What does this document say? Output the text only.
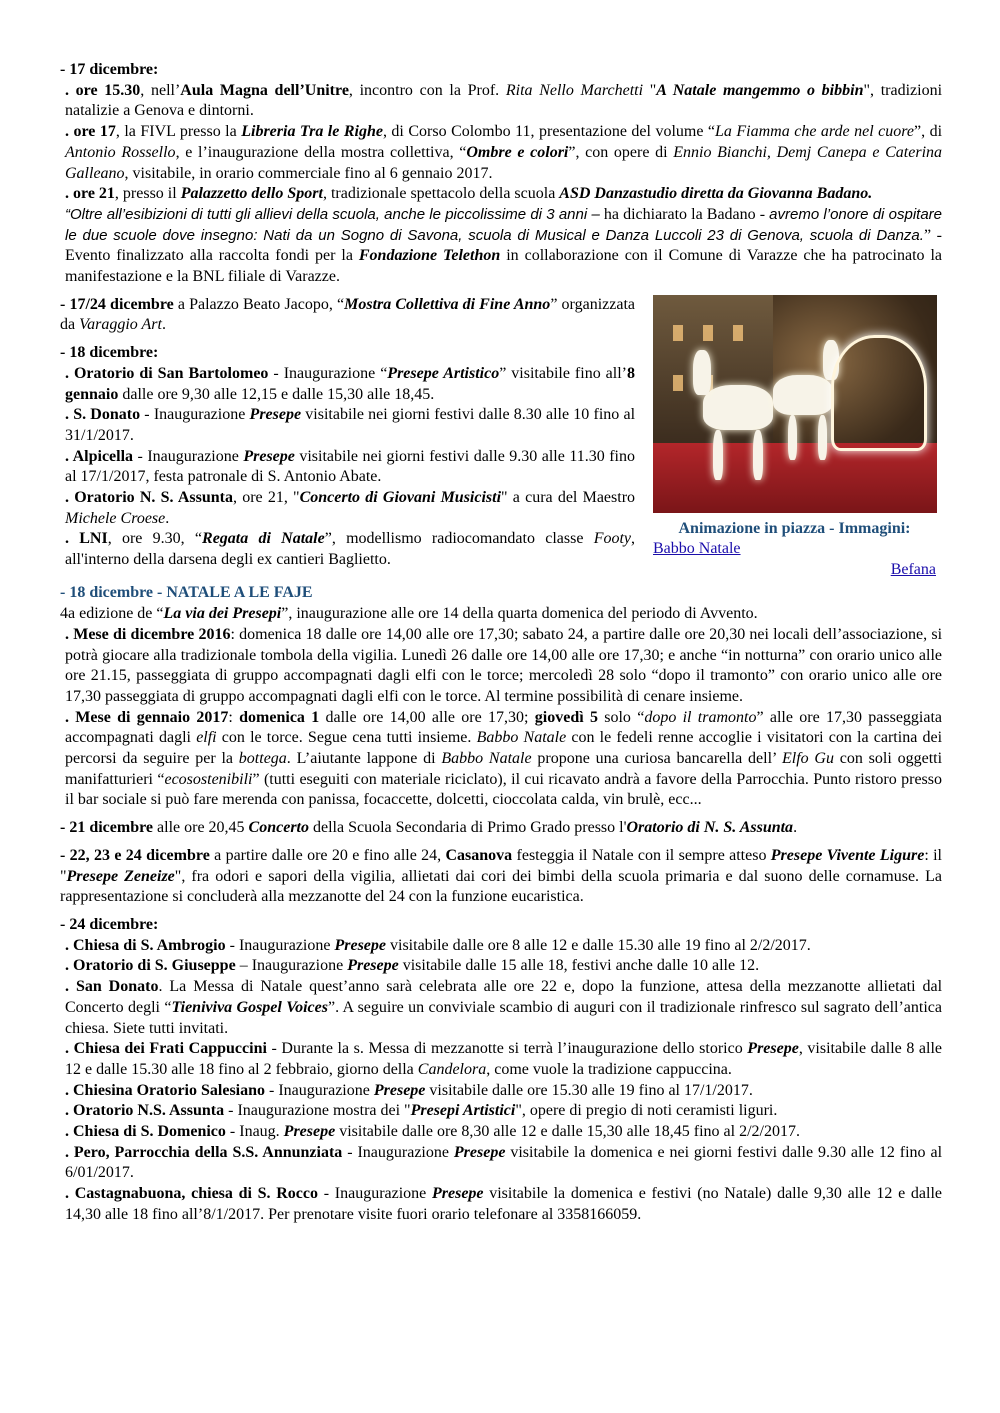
- 17 dicembre:
. ore 15.30, nell’Aula Magna dell’Unitre, incontro con la Prof. Rita Nello Marchetti "A Natale mangemmo o bibbin", tradizioni natalizie a Genova e dintorni.
. ore 17, la FIVL presso la Libreria Tra le Righe, di Corso Colombo 11, presentazione del volume “La Fiamma che arde nel cuore”, di Antonio Rossello, e l’inaugurazione della mostra collettiva, “Ombre e colori”, con opere di Ennio Bianchi, Demj Canepa e Caterina Galleano, visitabile, in orario commerciale fino al 6 gennaio 2017.
. ore 21, presso il Palazzetto dello Sport, tradizionale spettacolo della scuola ASD Danzastudio diretta da Giovanna Badano.
“Oltre all’esibizioni di tutti gli allievi della scuola, anche le piccolissime di 3 anni – ha dichiarato la Badano - avremo l’onore di ospitare le due scuole dove insegno: Nati da un Sogno di Savona, scuola di Musical e Danza Luccoli 23 di Genova, scuola di Danza.” - Evento finalizzato alla raccolta fondi per la Fondazione Telethon in collaborazione con il Comune di Varazze che ha patrocinato la manifestazione e la BNL filiale di Varazze.
Animazione in piazza - Immagini:
Babbo Natale
Befana
- 17/24 dicembre a Palazzo Beato Jacopo, “Mostra Collettiva di Fine Anno” organizzata da Varaggio Art.
- 18 dicembre:
. Oratorio di San Bartolomeo - Inaugurazione “Presepe Artistico” visitabile fino all’8 gennaio dalle ore 9,30 alle 12,15 e dalle 15,30 alle 18,45.
. S. Donato - Inaugurazione Presepe visitabile nei giorni festivi dalle 8.30 alle 10 fino al 31/1/2017.
. Alpicella - Inaugurazione Presepe visitabile nei giorni festivi dalle 9.30 alle 11.30 fino al 17/1/2017, festa patronale di S. Antonio Abate.
. Oratorio N. S. Assunta, ore 21, "Concerto di Giovani Musicisti" a cura del Maestro Michele Croese.
. LNI, ore 9.30, “Regata di Natale”, modellismo radiocomandato classe Footy, all'interno della darsena degli ex cantieri Baglietto.
- 18 dicembre - NATALE A LE FAJE
4a edizione de “La via dei Presepi”, inaugurazione alle ore 14 della quarta domenica del periodo di Avvento.
. Mese di dicembre 2016: domenica 18 dalle ore 14,00 alle ore 17,30; sabato 24, a partire dalle ore 20,30 nei locali dell’associazione, si potrà giocare alla tradizionale tombola della vigilia. Lunedì 26 dalle ore 14,00 alle ore 17,30; e anche “in notturna” con orario unico alle ore 21.15, passeggiata di gruppo accompagnati dagli elfi con le torce; mercoledì 28 solo “dopo il tramonto” con orario unico alle ore 17,30 passeggiata di gruppo accompagnati dagli elfi con le torce. Al termine possibilità di cenare insieme.
. Mese di gennaio 2017: domenica 1 dalle ore 14,00 alle ore 17,30; giovedì 5 solo “dopo il tramonto” alle ore 17,30 passeggiata accompagnati dagli elfi con le torce. Segue cena tutti insieme. Babbo Natale con le fedeli renne accoglie i visitatori con la cartina dei percorsi da seguire per la bottega. L’aiutante lappone di Babbo Natale propone una curiosa bancarella dell’ Elfo Gu con soli oggetti manifatturieri “ecosostenibili” (tutti eseguiti con materiale riciclato), il cui ricavato andrà a favore della Parrocchia. Punto ristoro presso il bar sociale si può fare merenda con panissa, focaccette, dolcetti, cioccolata calda, vin brulè, ecc...
- 21 dicembre alle ore 20,45 Concerto della Scuola Secondaria di Primo Grado presso l'Oratorio di N. S. Assunta.
- 22, 23 e 24 dicembre a partire dalle ore 20 e fino alle 24, Casanova festeggia il Natale con il sempre atteso Presepe Vivente Ligure: il "Presepe Zeneize", fra odori e sapori della vigilia, allietati dai cori dei bimbi della scuola primaria e dal suono delle cornamuse. La rappresentazione si concluderà alla mezzanotte del 24 con la funzione eucaristica.
- 24 dicembre:
. Chiesa di S. Ambrogio - Inaugurazione Presepe visitabile dalle ore 8 alle 12 e dalle 15.30 alle 19 fino al 2/2/2017.
. Oratorio di S. Giuseppe – Inaugurazione Presepe visitabile dalle 15 alle 18, festivi anche dalle 10 alle 12.
. San Donato. La Messa di Natale quest’anno sarà celebrata alle ore 22 e, dopo la funzione, attesa della mezzanotte allietati dal Concerto degli “Tieniviva Gospel Voices”. A seguire un conviviale scambio di auguri con il tradizionale rinfresco sul sagrato dell’antica chiesa. Siete tutti invitati.
. Chiesa dei Frati Cappuccini - Durante la s. Messa di mezzanotte si terrà l’inaugurazione dello storico Presepe, visitabile dalle 8 alle 12 e dalle 15.30 alle 18 fino al 2 febbraio, giorno della Candelora, come vuole la tradizione cappuccina.
. Chiesina Oratorio Salesiano - Inaugurazione Presepe visitabile dalle ore 15.30 alle 19 fino al 17/1/2017.
. Oratorio N.S. Assunta - Inaugurazione mostra dei "Presepi Artistici", opere di pregio di noti ceramisti liguri.
. Chiesa di S. Domenico - Inaug. Presepe visitabile dalle ore 8,30 alle 12 e dalle 15,30 alle 18,45 fino al 2/2/2017.
. Pero, Parrocchia della S.S. Annunziata - Inaugurazione Presepe visitabile la domenica e nei giorni festivi dalle 9.30 alle 12 fino al 6/01/2017.
. Castagnabuona, chiesa di S. Rocco - Inaugurazione Presepe visitabile la domenica e festivi (no Natale) dalle 9,30 alle 12 e dalle 14,30 alle 18 fino all’8/1/2017. Per prenotare visite fuori orario telefonare al 3358166059.
